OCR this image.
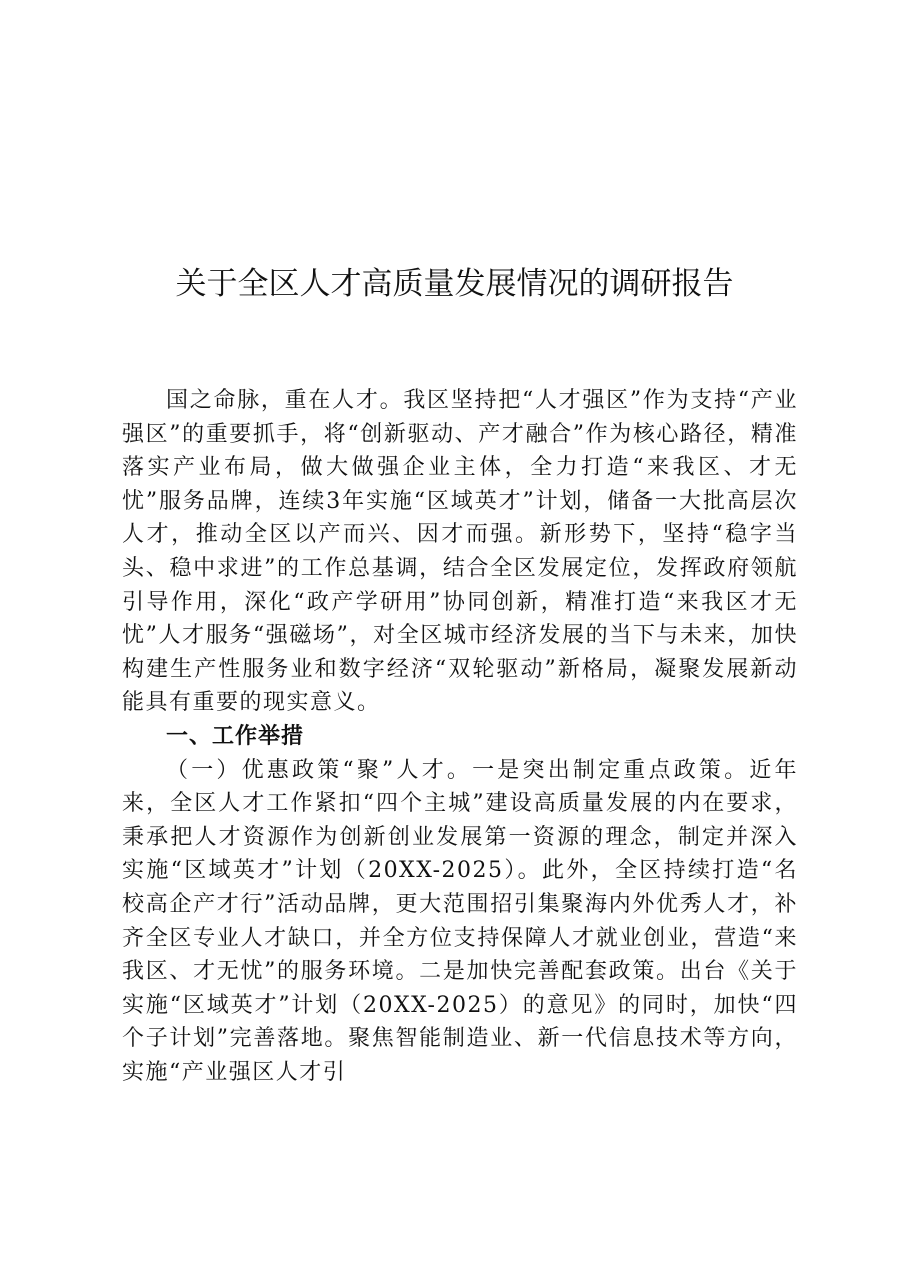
关于全区人才高质量发展情况的调研报告

国之命脉，重在人才。我区坚持把“人才强区”作为支持“产业强区”的重要抓手，将“创新驱动、产才融合”作为核心路径，精准落实产业布局，做大做强企业主体，全力打造“来我区、才无忧”服务品牌，连续3年实施“区域英才”计划，储备一大批高层次人才，推动全区以产而兴、因才而强。新形势下，坚持“稳字当头、稳中求进”的工作总基调，结合全区发展定位，发挥政府领航引导作用，深化“政产学研用”协同创新，精准打造“来我区才无忧”人才服务“强磁场”，对全区城市经济发展的当下与未来，加快构建生产性服务业和数字经济“双轮驱动”新格局，凝聚发展新动能具有重要的现实意义。

一、工作举措

（一）优惠政策“聚”人才。一是突出制定重点政策。近年来，全区人才工作紧扣“四个主城”建设高质量发展的内在要求，秉承把人才资源作为创新创业发展第一资源的理念，制定并深入实施“区域英才”计划（20XX-2025）。此外，全区持续打造“名校高企产才行”活动品牌，更大范围招引集聚海内外优秀人才，补齐全区专业人才缺口，并全方位支持保障人才就业创业，营造“来我区、才无忧”的服务环境。二是加快完善配套政策。出台《关于实施“区域英才”计划（20XX-2025）的意见》的同时，加快“四个子计划”完善落地。聚焦智能制造业、新一代信息技术等方向，实施“产业强区人才引
